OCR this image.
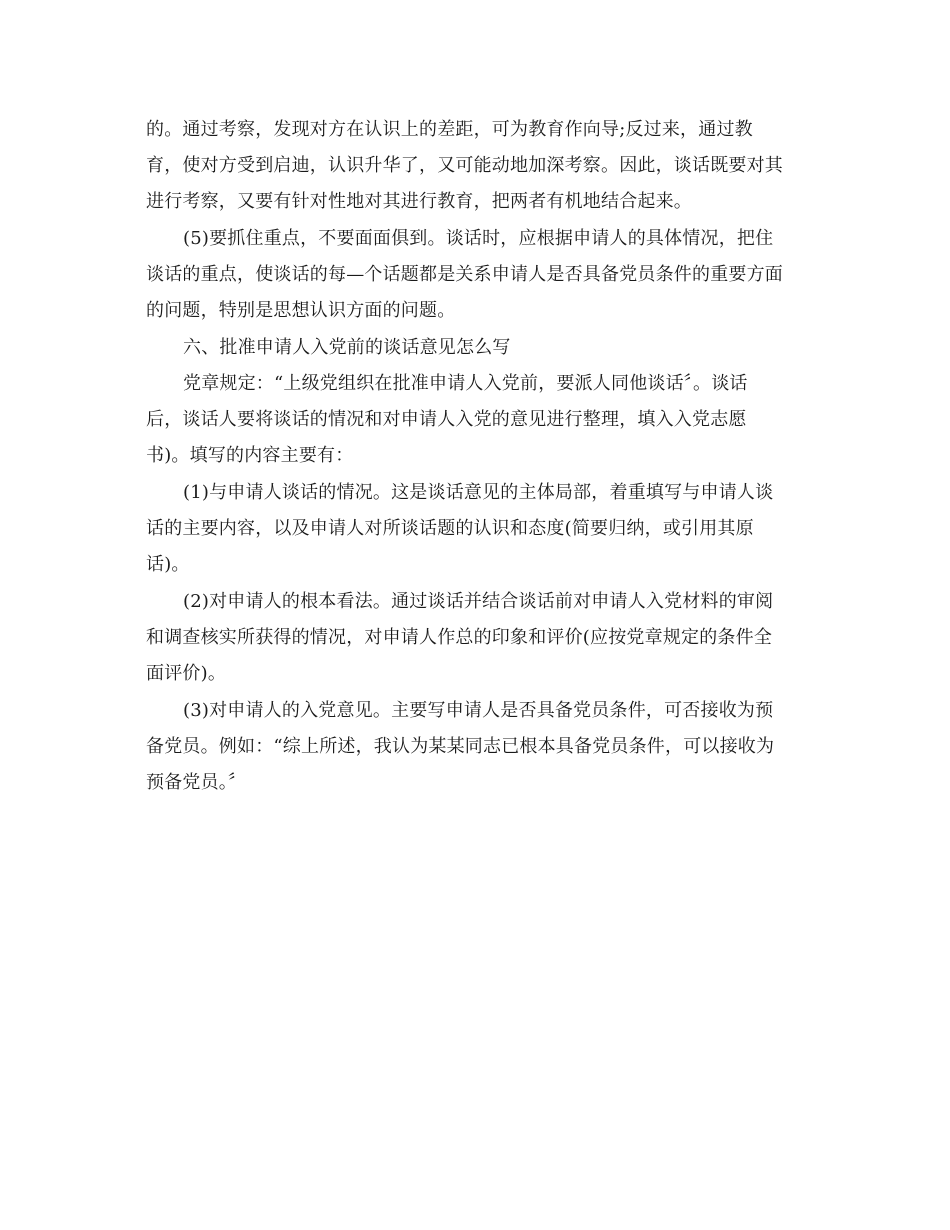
的。通过考察，发现对方在认识上的差距，可为教育作向导;反过来，通过教
育，使对方受到启迪，认识升华了，又可能动地加深考察。因此，谈话既要对其
进行考察，又要有针对性地对其进行教育，把两者有机地结合起来。
(5)要抓住重点，不要面面俱到。谈话时，应根据申请人的具体情况，把住
谈话的重点，使谈话的每—个话题都是关系申请人是否具备党员条件的重要方面
的问题，特别是思想认识方面的问题。
六、批准申请人入党前的谈话意见怎么写
党章规定：“上级党组织在批准申请人入党前，要派人同他谈话〞。谈话
后，谈话人要将谈话的情况和对申请人入党的意见进行整理，填入入党志愿
书)。填写的内容主要有：
(1)与申请人谈话的情况。这是谈话意见的主体局部，着重填写与申请人谈
话的主要内容，以及申请人对所谈话题的认识和态度(简要归纳，或引用其原
话)。
(2)对申请人的根本看法。通过谈话并结合谈话前对申请人入党材料的审阅
和调查核实所获得的情况，对申请人作总的印象和评价(应按党章规定的条件全
面评价)。
(3)对申请人的入党意见。主要写申请人是否具备党员条件，可否接收为预
备党员。例如：“综上所述，我认为某某同志已根本具备党员条件，可以接收为
预备党员。〞
